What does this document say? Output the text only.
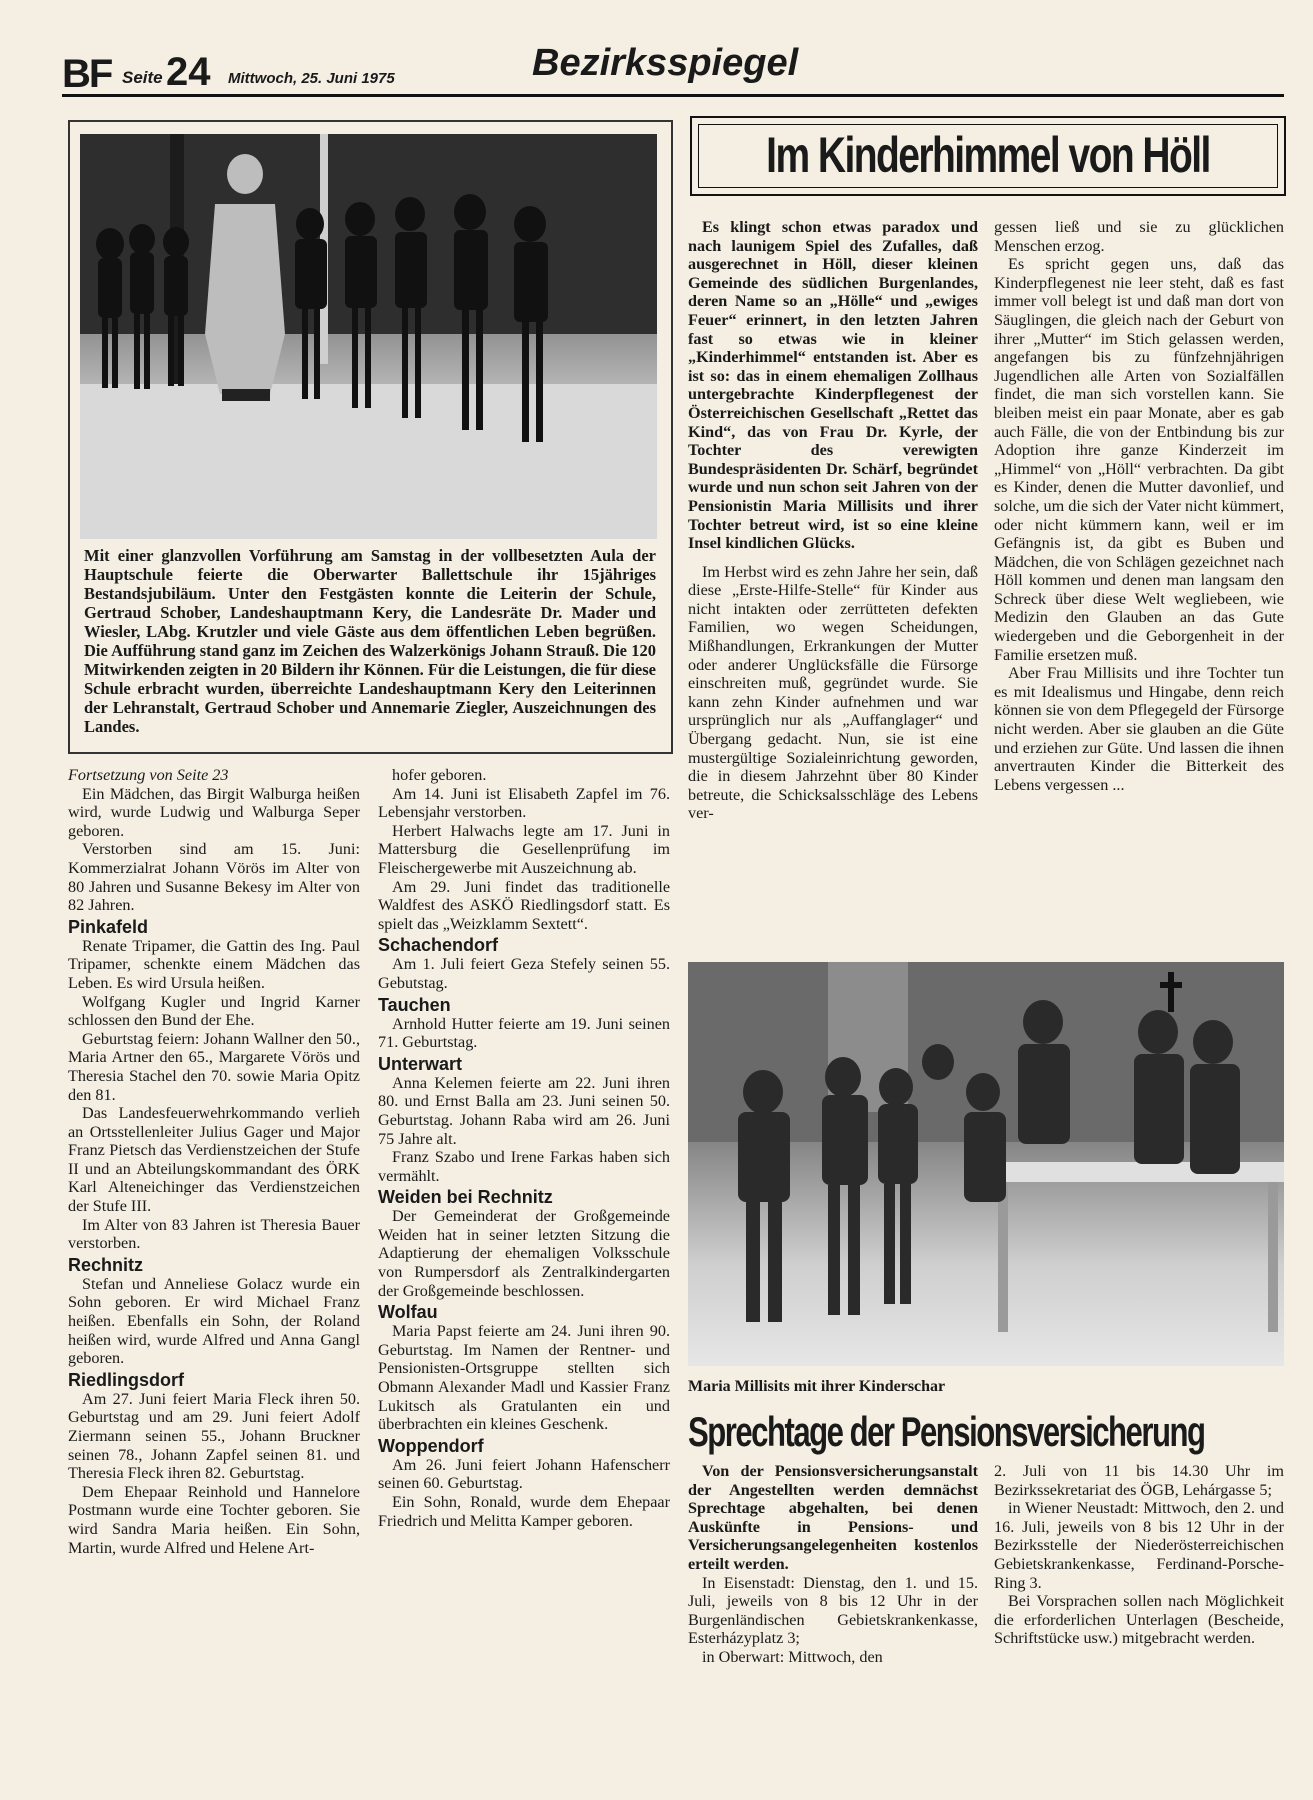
BF Seite 24 Mittwoch, 25. Juni 1975	Bezirksspiegel
Mit einer glanzvollen Vorführung am Samstag in der vollbesetzten Aula der Hauptschule feierte die Oberwarter Ballettschule ihr 15jähriges Bestandsjubiläum. Unter den Festgästen konnte die Leiterin der Schule, Gertraud Schober, Landeshauptmann Kery, die Landesräte Dr. Mader und Wiesler, LAbg. Krutzler und viele Gäste aus dem öffentlichen Leben begrüßen. Die Aufführung stand ganz im Zeichen des Walzerkönigs Johann Strauß. Die 120 Mitwirkenden zeigten in 20 Bildern ihr Können. Für die Leistungen, die für diese Schule erbracht wurden, überreichte Landeshauptmann Kery den Leiterinnen der Lehranstalt, Gertraud Schober und Annemarie Ziegler, Auszeichnungen des Landes.

Fortsetzung von Seite 23

Ein Mädchen, das Birgit Walburga heißen wird, wurde Ludwig und Walburga Seper geboren.

Verstorben sind am 15. Juni: Kommerzialrat Johann Vörös im Alter von 80 Jahren und Susanne Bekesy im Alter von 82 Jahren.

Pinkafeld

Renate Tripamer, die Gattin des Ing. Paul Tripamer, schenkte einem Mädchen das Leben. Es wird Ursula heißen.

Wolfgang Kugler und Ingrid Karner schlossen den Bund der Ehe.

Geburtstag feiern: Johann Wallner den 50., Maria Artner den 65., Margarete Vörös und Theresia Stachel den 70. sowie Maria Opitz den 81.

Das Landesfeuerwehrkommando verlieh an Ortsstellenleiter Julius Gager und Major Franz Pietsch das Verdienstzeichen der Stufe II und an Abteilungskommandant des ÖRK Karl Alteneichinger das Verdienstzeichen der Stufe III.

Im Alter von 83 Jahren ist Theresia Bauer verstorben.

Rechnitz

Stefan und Anneliese Golacz wurde ein Sohn geboren. Er wird Michael Franz heißen. Ebenfalls ein Sohn, der Roland heißen wird, wurde Alfred und Anna Gangl geboren.

Riedlingsdorf

Am 27. Juni feiert Maria Fleck ihren 50. Geburtstag und am 29. Juni feiert Adolf Ziermann seinen 55., Johann Bruckner seinen 78., Johann Zapfel seinen 81. und Theresia Fleck ihren 82. Geburtstag.

Dem Ehepaar Reinhold und Hannelore Postmann wurde eine Tochter geboren. Sie wird Sandra Maria heißen. Ein Sohn, Martin, wurde Alfred und Helene Art-

hofer geboren.

Am 14. Juni ist Elisabeth Zapfel im 76. Lebensjahr verstorben.

Herbert Halwachs legte am 17. Juni in Mattersburg die Gesellenprüfung im Fleischergewerbe mit Auszeichnung ab.

Am 29. Juni findet das traditionelle Waldfest des ASKÖ Riedlingsdorf statt. Es spielt das „Weizklamm Sextett“.

Schachendorf

Am 1. Juli feiert Geza Stefely seinen 55. Gebutstag.

Tauchen

Arnhold Hutter feierte am 19. Juni seinen 71. Geburtstag.

Unterwart

Anna Kelemen feierte am 22. Juni ihren 80. und Ernst Balla am 23. Juni seinen 50. Geburtstag. Johann Raba wird am 26. Juni 75 Jahre alt.

Franz Szabo und Irene Farkas haben sich vermählt.

Weiden bei Rechnitz

Der Gemeinderat der Großgemeinde Weiden hat in seiner letzten Sitzung die Adaptierung der ehemaligen Volksschule von Rumpersdorf als Zentralkindergarten der Großgemeinde beschlossen.

Wolfau

Maria Papst feierte am 24. Juni ihren 90. Geburtstag. Im Namen der Rentner- und Pensionisten-Ortsgruppe stellten sich Obmann Alexander Madl und Kassier Franz Lukitsch als Gratulanten ein und überbrachten ein kleines Geschenk.

Woppendorf

Am 26. Juni feiert Johann Hafenscherr seinen 60. Geburtstag.

Ein Sohn, Ronald, wurde dem Ehepaar Friedrich und Melitta Kamper geboren.

Im Kinderhimmel von Höll

Es klingt schon etwas paradox und nach launigem Spiel des Zufalles, daß ausgerechnet in Höll, dieser kleinen Gemeinde des südlichen Burgenlandes, deren Name so an „Hölle“ und „ewiges Feuer“ erinnert, in den letzten Jahren fast so etwas wie in kleiner „Kinderhimmel“ entstanden ist. Aber es ist so: das in einem ehemaligen Zollhaus untergebrachte Kinderpflegenest der Österreichischen Gesellschaft „Rettet das Kind“, das von Frau Dr. Kyrle, der Tochter des verewigten Bundespräsidenten Dr. Schärf, begründet wurde und nun schon seit Jahren von der Pensionistin Maria Millisits und ihrer Tochter betreut wird, ist so eine kleine Insel kindlichen Glücks.

Im Herbst wird es zehn Jahre her sein, daß diese „Erste-Hilfe-Stelle“ für Kinder aus nicht intakten oder zerrütteten defekten Familien, wo wegen Scheidungen, Mißhandlungen, Erkrankungen der Mutter oder anderer Unglücksfälle die Fürsorge einschreiten muß, gegründet wurde. Sie kann zehn Kinder aufnehmen und war ursprünglich nur als „Auffanglager“ und Übergang gedacht. Nun, sie ist eine mustergültige Sozialeinrichtung geworden, die in diesem Jahrzehnt über 80 Kinder betreute, die Schicksalsschläge des Lebens ver-

gessen ließ und sie zu glücklichen Menschen erzog.

Es spricht gegen uns, daß das Kinderpflegenest nie leer steht, daß es fast immer voll belegt ist und daß man dort von Säuglingen, die gleich nach der Geburt von ihrer „Mutter“ im Stich gelassen werden, angefangen bis zu fünfzehnjährigen Jugendlichen alle Arten von Sozialfällen findet, die man sich vorstellen kann. Sie bleiben meist ein paar Monate, aber es gab auch Fälle, die von der Entbindung bis zur Adoption ihre ganze Kinderzeit im „Himmel“ von „Höll“ verbrachten. Da gibt es Kinder, denen die Mutter davonlief, und solche, um die sich der Vater nicht kümmert, oder nicht kümmern kann, weil er im Gefängnis ist, da gibt es Buben und Mädchen, die von Schlägen gezeichnet nach Höll kommen und denen man langsam den Schreck über diese Welt wegliebeen, wie Medizin den Glauben an das Gute wiedergeben und die Geborgenheit in der Familie ersetzen muß.

Aber Frau Millisits und ihre Tochter tun es mit Idealismus und Hingabe, denn reich können sie von dem Pflegegeld der Fürsorge nicht werden. Aber sie glauben an die Güte und erziehen zur Güte. Und lassen die ihnen anvertrauten Kinder die Bitterkeit des Lebens vergessen ...

Maria Millisits mit ihrer Kinderschar
Sprechtage der Pensionsversicherung

Von der Pensionsversicherungsanstalt der Angestellten werden demnächst Sprechtage abgehalten, bei denen Auskünfte in Pensions- und Versicherungsangelegenheiten kostenlos erteilt werden.

In Eisenstadt: Dienstag, den 1. und 15. Juli, jeweils von 8 bis 12 Uhr in der Burgenländischen Gebietskrankenkasse, Esterházyplatz 3;

in Oberwart: Mittwoch, den

2. Juli von 11 bis 14.30 Uhr im Bezirkssekretariat des ÖGB, Lehárgasse 5;

in Wiener Neustadt: Mittwoch, den 2. und 16. Juli, jeweils von 8 bis 12 Uhr in der Bezirksstelle der Niederösterreichischen Gebietskrankenkasse, Ferdinand-Porsche-Ring 3.

Bei Vorsprachen sollen nach Möglichkeit die erforderlichen Unterlagen (Bescheide, Schriftstücke usw.) mitgebracht werden.
